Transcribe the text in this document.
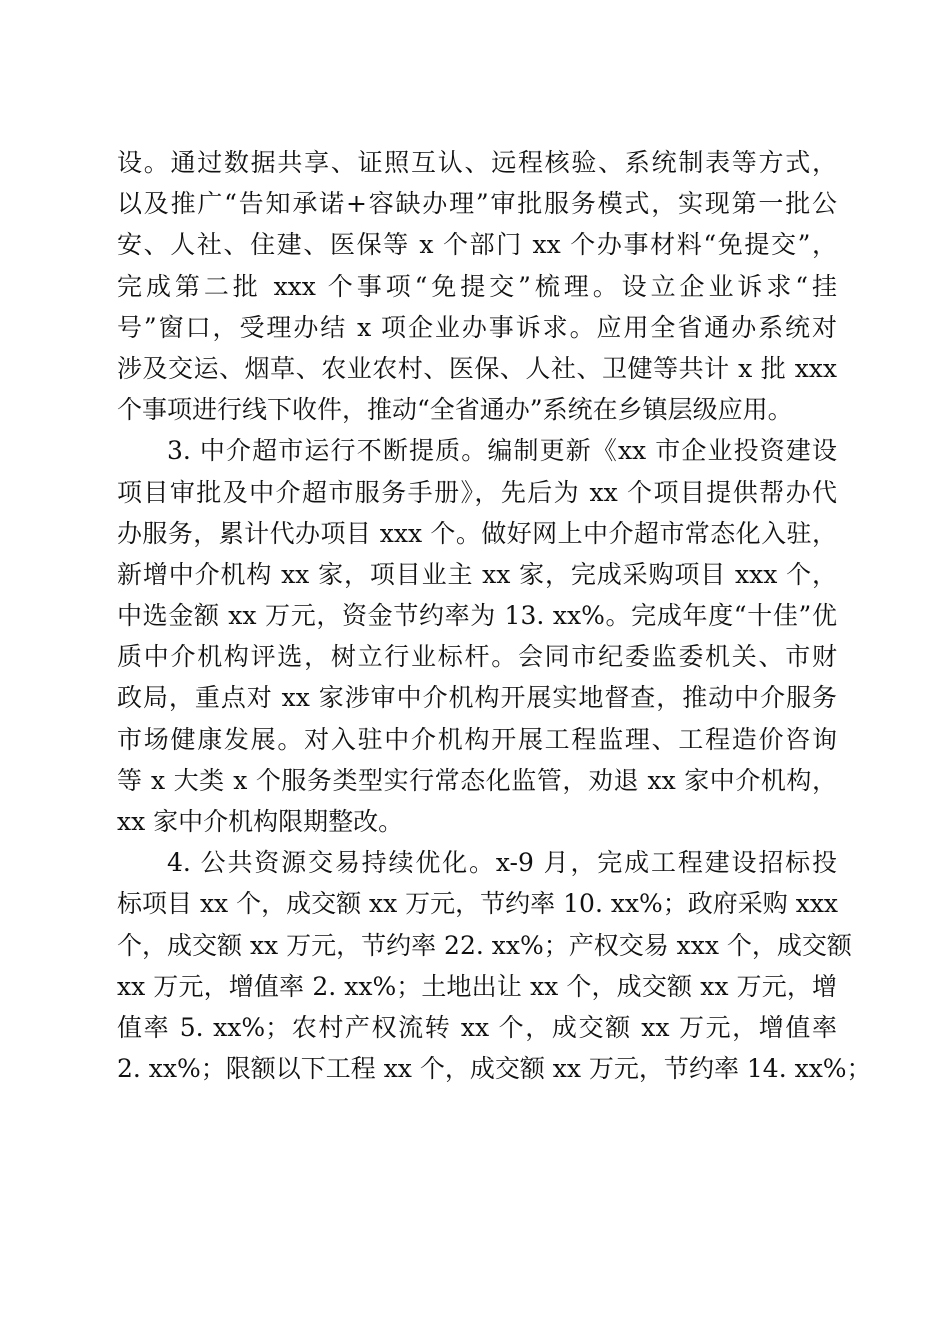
设。通过数据共享、证照互认、远程核验、系统制表等方式，
以及推广“告知承诺+容缺办理”审批服务模式，实现第一批公
安、人社、住建、医保等 x 个部门 xx 个办事材料“免提交”，
完成第二批 xxx 个事项“免提交”梳理。设立企业诉求“挂
号”窗口，受理办结 x 项企业办事诉求。应用全省通办系统对
涉及交运、烟草、农业农村、医保、人社、卫健等共计 x 批 xxx
个事项进行线下收件，推动“全省通办”系统在乡镇层级应用。
3. 中介超市运行不断提质。编制更新《xx 市企业投资建设
项目审批及中介超市服务手册》，先后为 xx 个项目提供帮办代
办服务，累计代办项目 xxx 个。做好网上中介超市常态化入驻，
新增中介机构 xx 家，项目业主 xx 家，完成采购项目 xxx 个，
中选金额 xx 万元，资金节约率为 13. xx%。完成年度“十佳”优
质中介机构评选，树立行业标杆。会同市纪委监委机关、市财
政局，重点对 xx 家涉审中介机构开展实地督查，推动中介服务
市场健康发展。对入驻中介机构开展工程监理、工程造价咨询
等 x 大类 x 个服务类型实行常态化监管，劝退 xx 家中介机构，
xx 家中介机构限期整改。
4. 公共资源交易持续优化。x-9 月，完成工程建设招标投
标项目 xx 个，成交额 xx 万元，节约率 10. xx%；政府采购 xxx
个，成交额 xx 万元，节约率 22. xx%；产权交易 xxx 个，成交额
xx 万元，增值率 2. xx%；土地出让 xx 个，成交额 xx 万元，增
值率 5. xx%；农村产权流转 xx 个，成交额 xx 万元，增值率
2. xx%；限额以下工程 xx 个，成交额 xx 万元，节约率 14. xx%；
